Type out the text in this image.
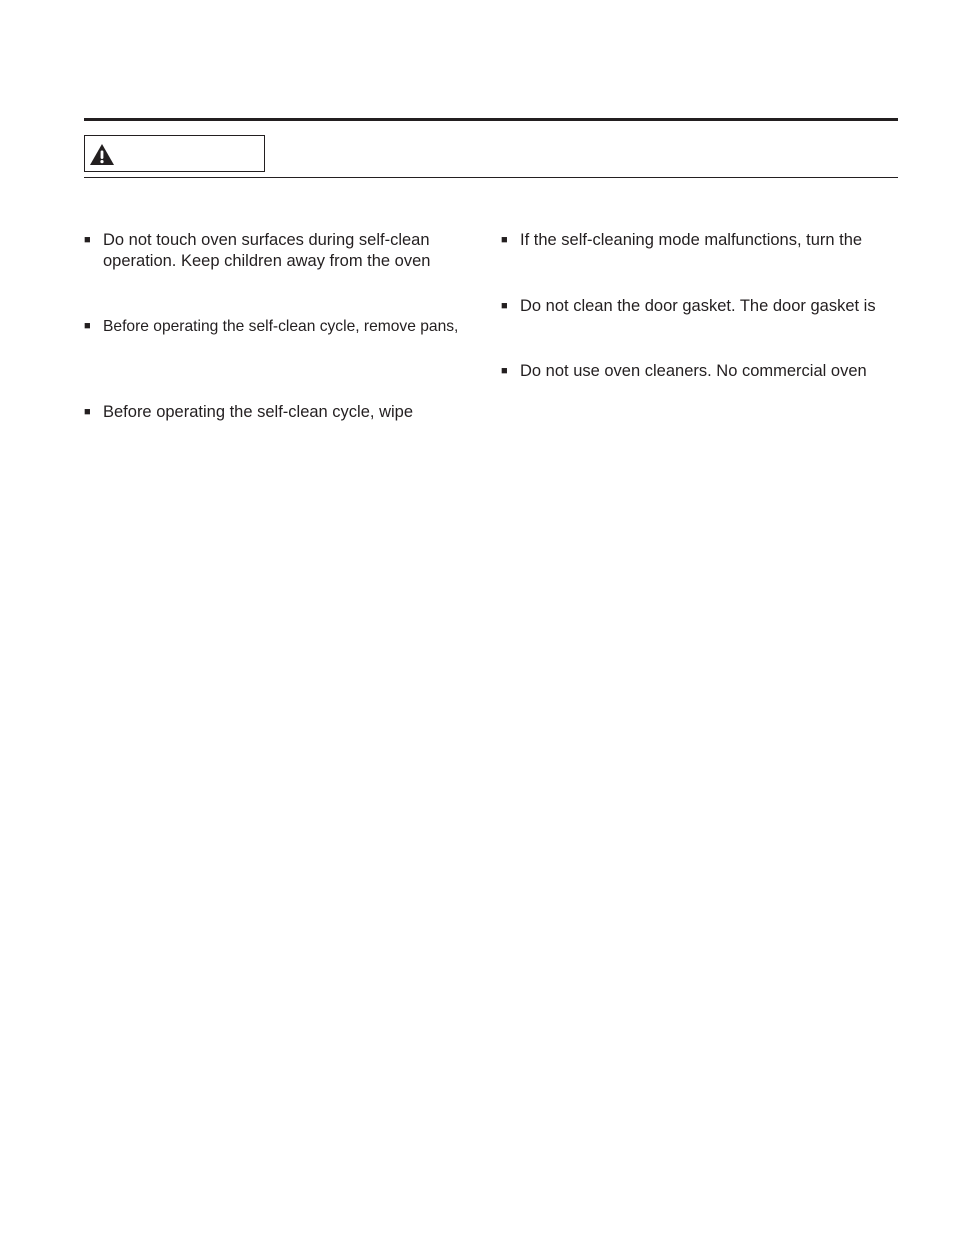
■ Do not touch oven surfaces during self-clean
operation. Keep children away from the oven
■ Before operating the self-clean cycle, remove pans,
■ Before operating the self-clean cycle, wipe
■ If the self-cleaning mode malfunctions, turn the
■ Do not clean the door gasket. The door gasket is
■ Do not use oven cleaners. No commercial oven
